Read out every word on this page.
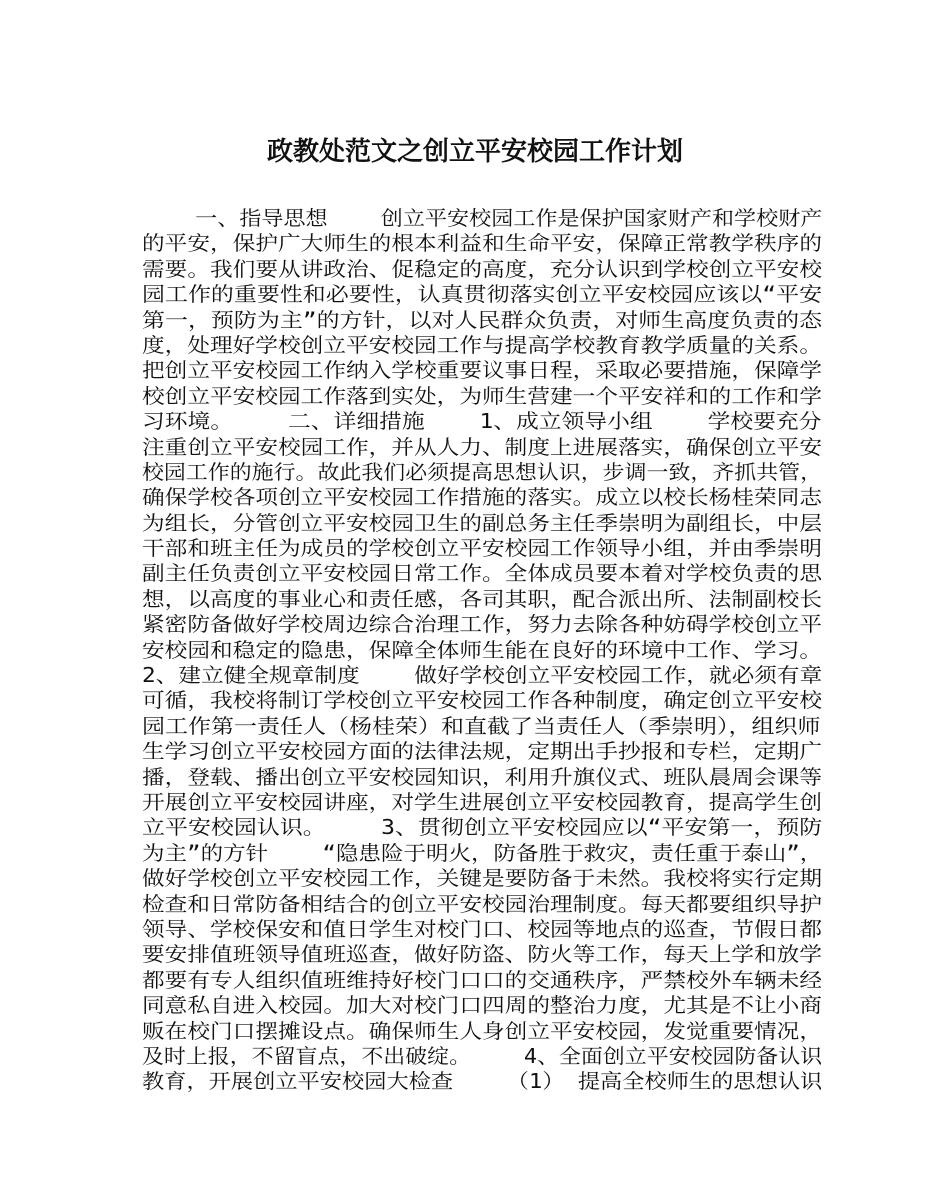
政教处范文之创立平安校园工作计划
一、指导思想    创立平安校园工作是保护国家财产和学校财产
的平安，保护广大师生的根本利益和生命平安，保障正常教学秩序的
需要。我们要从讲政治、促稳定的高度，充分认识到学校创立平安校
园工作的重要性和必要性，认真贯彻落实创立平安校园应该以“平安
第一，预防为主”的方针，以对人民群众负责，对师生高度负责的态
度，处理好学校创立平安校园工作与提高学校教育教学质量的关系。
把创立平安校园工作纳入学校重要议事日程，采取必要措施，保障学
校创立平安校园工作落到实处，为师生营建一个平安祥和的工作和学
习环境。    二、详细措施    1、成立领导小组    学校要充分
注重创立平安校园工作，并从人力、制度上进展落实，确保创立平安
校园工作的施行。故此我们必须提高思想认识，步调一致，齐抓共管，
确保学校各项创立平安校园工作措施的落实。成立以校长杨桂荣同志
为组长，分管创立平安校园卫生的副总务主任季崇明为副组长，中层
干部和班主任为成员的学校创立平安校园工作领导小组，并由季崇明
副主任负责创立平安校园日常工作。全体成员要本着对学校负责的思
想，以高度的事业心和责任感，各司其职，配合派出所、法制副校长
紧密防备做好学校周边综合治理工作，努力去除各种妨碍学校创立平
安校园和稳定的隐患，保障全体师生能在良好的环境中工作、学习。
2、建立健全规章制度    做好学校创立平安校园工作，就必须有章
可循，我校将制订学校创立平安校园工作各种制度，确定创立平安校
园工作第一责任人（杨桂荣）和直截了当责任人（季崇明），组织师
生学习创立平安校园方面的法律法规，定期出手抄报和专栏，定期广
播，登载、播出创立平安校园知识，利用升旗仪式、班队晨周会课等
开展创立平安校园讲座，对学生进展创立平安校园教育，提高学生创
立平安校园认识。    3、贯彻创立平安校园应以“平安第一，预防
为主”的方针    “隐患险于明火，防备胜于救灾，责任重于泰山”，
做好学校创立平安校园工作，关键是要防备于未然。我校将实行定期
检查和日常防备相结合的创立平安校园治理制度。每天都要组织导护
领导、学校保安和值日学生对校门口、校园等地点的巡查，节假日都
要安排值班领导值班巡查，做好防盗、防火等工作，每天上学和放学
都要有专人组织值班维持好校门口口的交通秩序，严禁校外车辆未经
同意私自进入校园。加大对校门口四周的整治力度，尤其是不让小商
贩在校门口摆摊设点。确保师生人身创立平安校园，发觉重要情况，
及时上报，不留盲点，不出破绽。    4、全面创立平安校园防备认识
教育，开展创立平安校园大检查    （1） 提高全校师生的思想认识
